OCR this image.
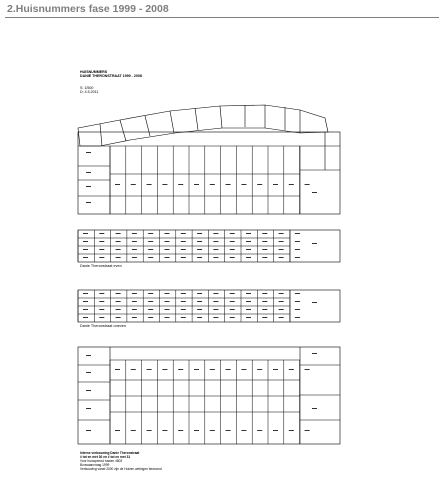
2.Huisnummers fase 1999 - 2008
HUISNUMMERS
DANIE THERONSTRAAT 1999 - 2008
S: 1/500
D: 4.5.2011
Danie Theronstraat even
Danie Theronstraat oneven
Interne verbouwing Danie Theronstraat
# tot en met 30 en # tot en met 31
Voor bouwperiod tussen 4803
Bouwaanvraag 1999
Verbouwing vanaf 2000 zijn de Huizen wetingen bewoond
